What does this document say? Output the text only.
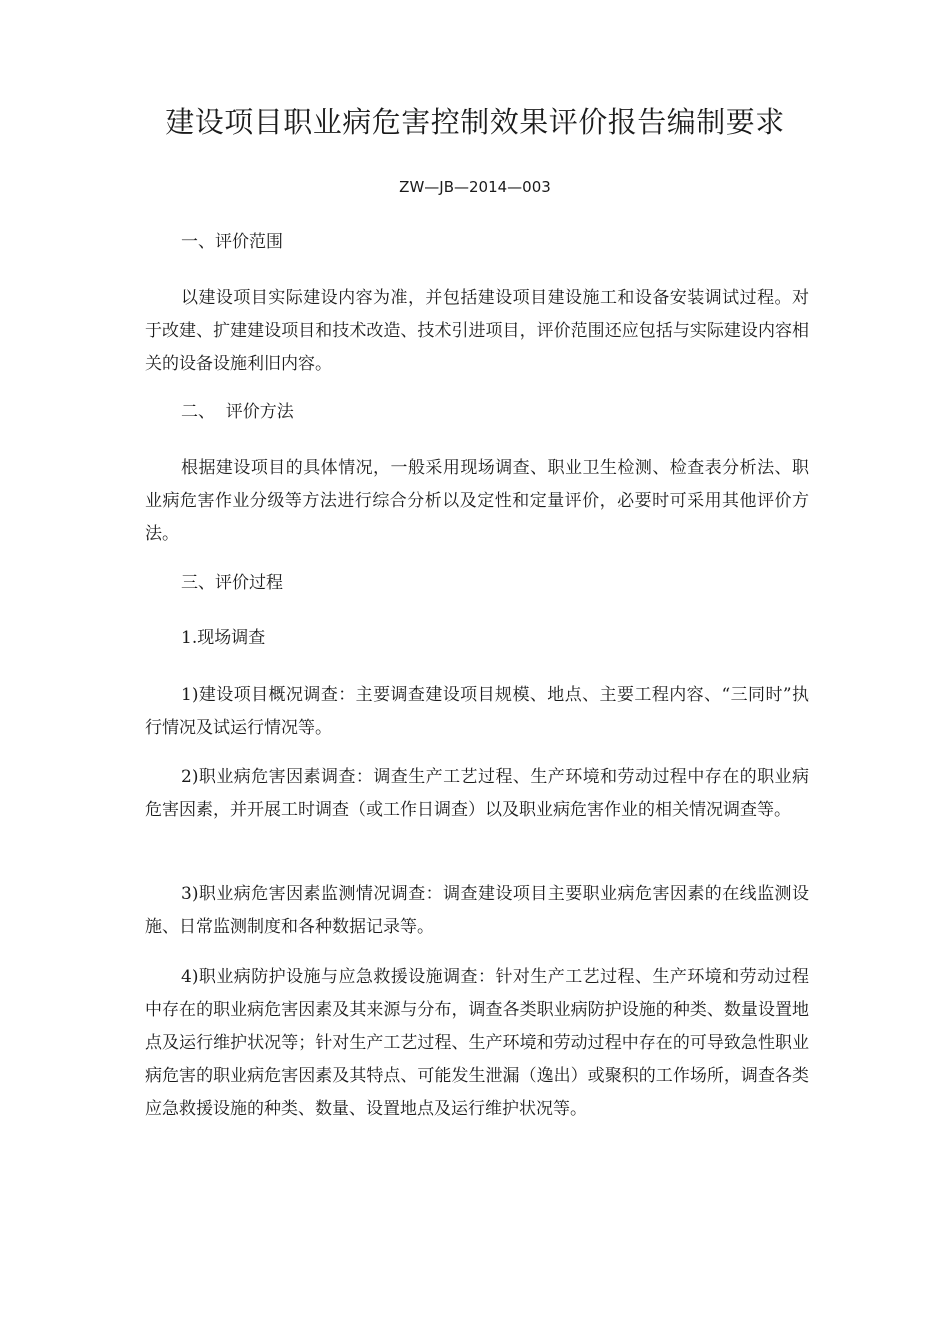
建设项目职业病危害控制效果评价报告编制要求
ZW—JB—2014—003

一、评价范围

以建设项目实际建设内容为准，并包括建设项目建设施工和设备安装调试过程。对于改建、扩建建设项目和技术改造、技术引进项目，评价范围还应包括与实际建设内容相关的设备设施利旧内容。

二、  评价方法

根据建设项目的具体情况，一般采用现场调查、职业卫生检测、检查表分析法、职业病危害作业分级等方法进行综合分析以及定性和定量评价，必要时可采用其他评价方法。

三、评价过程

1.现场调查

1)建设项目概况调查：主要调查建设项目规模、地点、主要工程内容、“三同时”执行情况及试运行情况等。

2)职业病危害因素调查：调查生产工艺过程、生产环境和劳动过程中存在的职业病危害因素，并开展工时调查（或工作日调查）以及职业病危害作业的相关情况调查等。

3)职业病危害因素监测情况调查：调查建设项目主要职业病危害因素的在线监测设施、日常监测制度和各种数据记录等。

4)职业病防护设施与应急救援设施调查：针对生产工艺过程、生产环境和劳动过程中存在的职业病危害因素及其来源与分布，调查各类职业病防护设施的种类、数量设置地点及运行维护状况等；针对生产工艺过程、生产环境和劳动过程中存在的可导致急性职业病危害的职业病危害因素及其特点、可能发生泄漏（逸出）或聚积的工作场所，调查各类应急救援设施的种类、数量、设置地点及运行维护状况等。
